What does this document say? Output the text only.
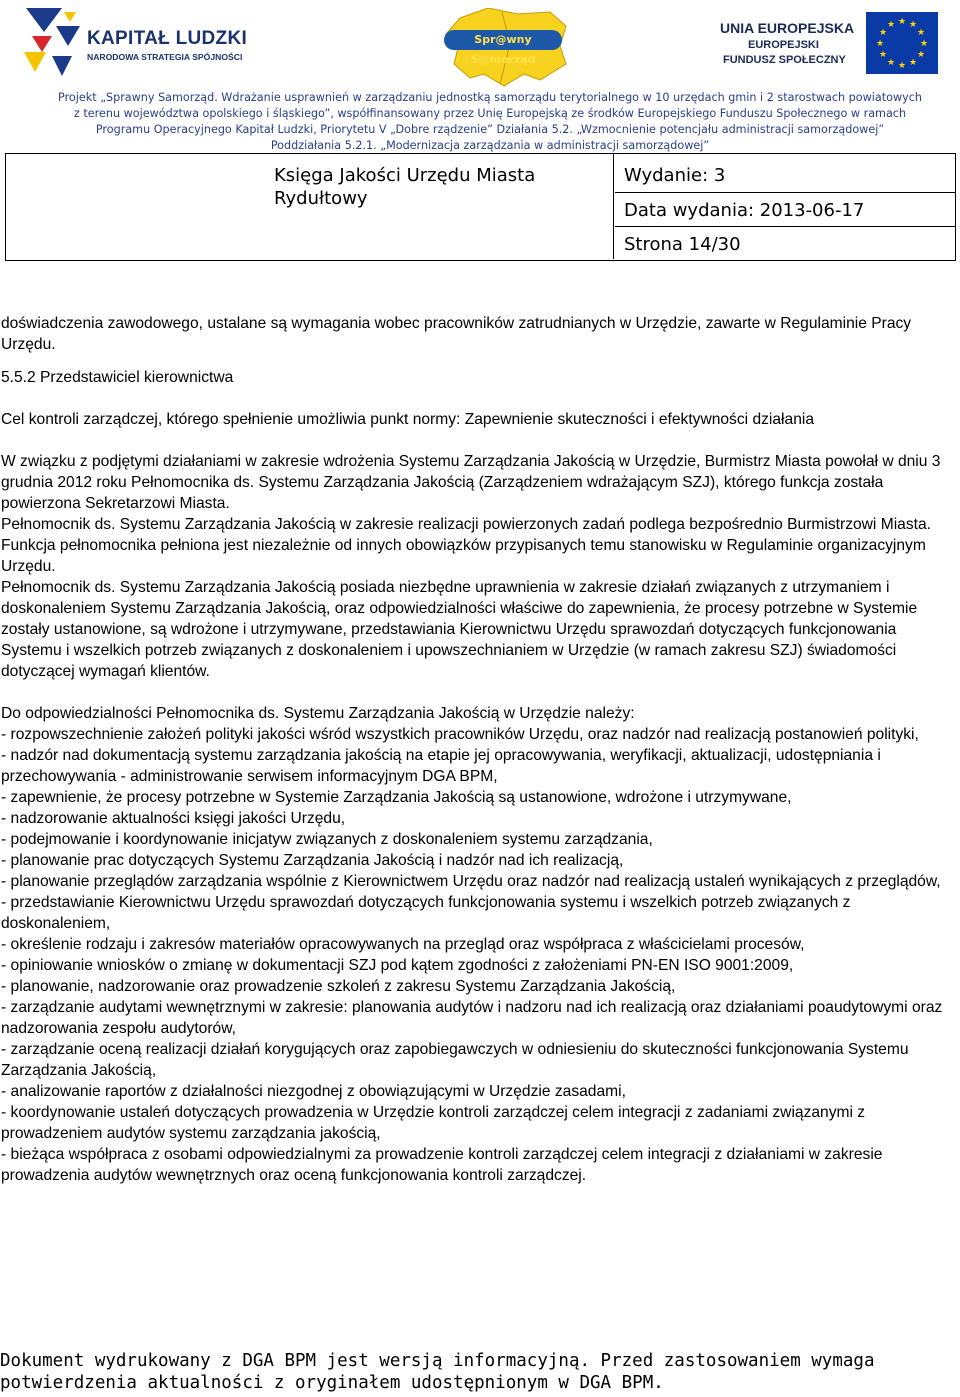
KAPITAŁ LUDZKI
NARODOWA STRATEGIA SPÓJNOŚCI
Spr@wny S@morząd
UNIA EUROPEJSKA
EUROPEJSKI
FUNDUSZ SPOŁECZNY
★ ★
★
★
★
★
★
★
★
★
★
★
Projekt „Sprawny Samorząd. Wdrażanie usprawnień w zarządzaniu jednostką samorządu terytorialnego w 10 urzędach gmin i 2 starostwach powiatowych
z terenu województwa opolskiego i śląskiego”, współfinansowany przez Unię Europejską ze środków Europejskiego Funduszu Społecznego w ramach
Programu Operacyjnego Kapitał Ludzki, Priorytetu V „Dobre rządzenie” Działania 5.2. „Wzmocnienie potencjału administracji samorządowej”
Poddziałania 5.2.1. „Modernizacja zarządzania w administracji samorządowej”
Księga Jakości Urzędu Miasta
Rydułtowy
Wydanie: 3
Data wydania: 2013-06-17
Strona 14/30

doświadczenia zawodowego, ustalane są wymagania wobec pracowników zatrudnianych w Urzędzie, zawarte w Regulaminie Pracy Urzędu.

5.5.2 Przedstawiciel kierownictwa

Cel kontroli zarządczej, którego spełnienie umożliwia punkt normy: Zapewnienie skuteczności i efektywności działania

W związku z podjętymi działaniami w zakresie wdrożenia Systemu Zarządzania Jakością w Urzędzie, Burmistrz Miasta powołał w dniu 3 grudnia 2012 roku Pełnomocnika ds. Systemu Zarządzania Jakością (Zarządzeniem wdrażającym SZJ), którego funkcja została powierzona Sekretarzowi Miasta.

Pełnomocnik ds. Systemu Zarządzania Jakością w zakresie realizacji powierzonych zadań podlega bezpośrednio Burmistrzowi Miasta. Funkcja pełnomocnika pełniona jest niezależnie od innych obowiązków przypisanych temu stanowisku w Regulaminie organizacyjnym Urzędu.

Pełnomocnik ds. Systemu Zarządzania Jakością posiada niezbędne uprawnienia w zakresie działań związanych z utrzymaniem i doskonaleniem Systemu Zarządzania Jakością, oraz odpowiedzialności właściwe do zapewnienia, że procesy potrzebne w Systemie zostały ustanowione, są wdrożone i utrzymywane, przedstawiania Kierownictwu Urzędu sprawozdań dotyczących funkcjonowania Systemu i wszelkich potrzeb związanych z doskonaleniem i upowszechnianiem w Urzędzie (w ramach zakresu SZJ) świadomości dotyczącej wymagań klientów.

Do odpowiedzialności Pełnomocnika ds. Systemu Zarządzania Jakością w Urzędzie należy:

- rozpowszechnienie założeń polityki jakości wśród wszystkich pracowników Urzędu, oraz nadzór nad realizacją postanowień polityki,

- nadzór nad dokumentacją systemu zarządzania jakością na etapie jej opracowywania, weryfikacji, aktualizacji, udostępniania i przechowywania - administrowanie serwisem informacyjnym DGA BPM,

- zapewnienie, że procesy potrzebne w Systemie Zarządzania Jakością są ustanowione, wdrożone i utrzymywane,

- nadzorowanie aktualności księgi jakości Urzędu,

- podejmowanie i koordynowanie inicjatyw związanych z doskonaleniem systemu zarządzania,

- planowanie prac dotyczących Systemu Zarządzania Jakością i nadzór nad ich realizacją,

- planowanie przeglądów zarządzania wspólnie z Kierownictwem Urzędu oraz nadzór nad realizacją ustaleń wynikających z przeglądów,

- przedstawianie Kierownictwu Urzędu sprawozdań dotyczących funkcjonowania systemu i wszelkich potrzeb związanych z doskonaleniem,

- określenie rodzaju i zakresów materiałów opracowywanych na przegląd oraz współpraca z właścicielami procesów,

- opiniowanie wniosków o zmianę w dokumentacji SZJ pod kątem zgodności z założeniami PN-EN ISO 9001:2009,

- planowanie, nadzorowanie oraz prowadzenie szkoleń z zakresu Systemu Zarządzania Jakością,

- zarządzanie audytami wewnętrznymi w zakresie: planowania audytów i nadzoru nad ich realizacją oraz działaniami poaudytowymi oraz nadzorowania zespołu audytorów,

- zarządzanie oceną realizacji działań korygujących oraz zapobiegawczych w odniesieniu do skuteczności funkcjonowania Systemu Zarządzania Jakością,

- analizowanie raportów z działalności niezgodnej z obowiązującymi w Urzędzie zasadami,

- koordynowanie ustaleń dotyczących prowadzenia w Urzędzie kontroli zarządczej celem integracji z zadaniami związanymi z prowadzeniem audytów systemu zarządzania jakością,

- bieżąca współpraca z osobami odpowiedzialnymi za prowadzenie kontroli zarządczej celem integracji z działaniami w zakresie prowadzenia audytów wewnętrznych oraz oceną funkcjonowania kontroli zarządczej.

Dokument wydrukowany z DGA BPM jest wersją informacyjną. Przed zastosowaniem wymaga
potwierdzenia aktualności z oryginałem udostępnionym w DGA BPM.
